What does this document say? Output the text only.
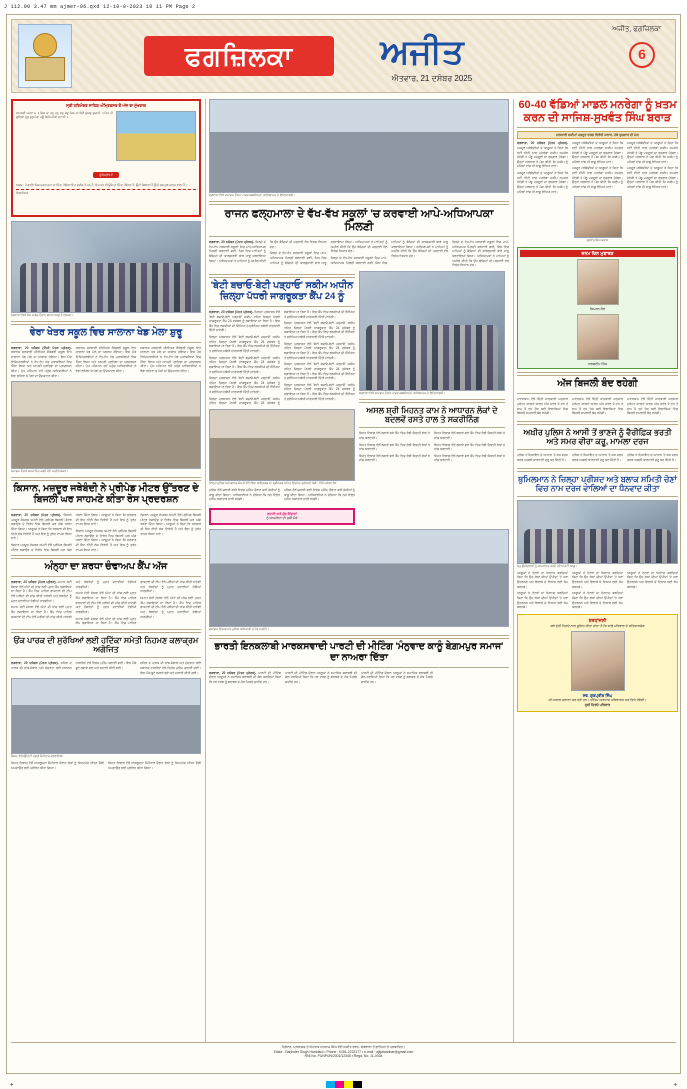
J 112.00 3.47 mm ajmer-06.qxd 12-10-0-2023 10 11 PM Page 2
ਫਗਜ਼ਿਲਕਾ	ਅਜੀਤ
ਐਤਵਾਰ, 21 ਦਸੰਬਰ 2025
ਅਜੀਤ, ਫਗਜ਼ਿਲਕਾ
6
ਸ੍ਰੀ ਹਰਿਮੰਦਰ ਸਾਹਿਬ ਅੰਮ੍ਰਿਤਸਰ ਤੋਂ ਅੱਜ ਦਾ ਮੁੱਖਵਾਕ
ਧਨਾਸਰੀ ਮਹਲਾ ੫ ॥ ਜਿਸ ਕਾ ਤਨੁ ਮਨੁ ਧਨੁ ਸਭੁ ਤਿਸ ਕਾ ਸੋਈ ਸੁਘੜੁ ਸੁਜਾਨੀ ॥ ਤਿਨ ਹੀ ਸੁਣਿਆ ਦੁਖੁ ਸੁਖੁ ਮੇਰਾ ਤਉ ਬਿਧਿ ਨੀਕੀ ਖਟਾਨੀ ॥
ਹੁਕਮਨਾਮਾ
ਅਰਥ : ਹੇ ਭਾਈ! ਜਿਸ ਪਰਮਾਤਮਾ ਦਾ ਦਿੱਤਾ ਹੋਇਆ ਇਹ ਸਰੀਰ ਤੇ ਮਨ ਹੈ, ਇਹ ਧਨ ਭੀ ਉਸੇ ਦਾ ਦਿੱਤਾ ਹੋਇਆ ਹੈ, ਉਹੀ ਸਿਆਣਾ ਹੈ ਉਹੀ ਸਭ ਕੁਝ ਜਾਣਨ ਵਾਲਾ ਹੈ।
ਵਿਆਖਿਆ
ਫਗਵਾੜਾ ਵਿਖੇ ਰੋਸ ਮਾਰਚ ਦੌਰਾਨ ਸ਼ਾਮਲ ਆਗੂ ਤੇ ਵਰਕਰ।
ਵੇਰਾ ਖੇਤਰ ਸਕੂਲ ਵਿਚ ਸਾਲਾਨਾ ਖੇਡ ਮੇਲਾ ਸ਼ੁਰੂ

ਫਗਵਾੜਾ, 20 ਦਸੰਬਰ (ਨਿੱਜੀ ਪੱਤਰ ਪ੍ਰੇਰਕ)- ਸਥਾਨਕ ਸਰਕਾਰੀ ਸੀਨੀਅਰ ਸੈਕੰਡਰੀ ਸਕੂਲ ਵਿਖੇ ਸਾਲਾਨਾ ਖੇਡ ਮੇਲੇ ਦਾ ਆਗਾਜ਼ ਹੋਇਆ। ਇਸ ਮੌਕੇ ਵਿਦਿਆਰਥੀਆਂ ਨੇ ਵੱਖ-ਵੱਖ ਖੇਡ ਮੁਕਾਬਲਿਆਂ ਵਿਚ ਹਿੱਸਾ ਲਿਆ ਅਤੇ ਆਪਣੀ ਪ੍ਰਤਿਭਾ ਦਾ ਪ੍ਰਦਰਸ਼ਨ ਕੀਤਾ। ਮੁੱਖ ਮਹਿਮਾਨ ਵਜੋਂ ਪਹੁੰਚੇ ਅਧਿਕਾਰੀਆਂ ਨੇ ਝੰਡਾ ਲਹਿਰਾ ਕੇ ਖੇਡਾਂ ਦਾ ਉਦਘਾਟਨ ਕੀਤਾ।

ਸਥਾਨਕ ਸਰਕਾਰੀ ਸੀਨੀਅਰ ਸੈਕੰਡਰੀ ਸਕੂਲ ਵਿਖੇ ਸਾਲਾਨਾ ਖੇਡ ਮੇਲੇ ਦਾ ਆਗਾਜ਼ ਹੋਇਆ। ਇਸ ਮੌਕੇ ਵਿਦਿਆਰਥੀਆਂ ਨੇ ਵੱਖ-ਵੱਖ ਖੇਡ ਮੁਕਾਬਲਿਆਂ ਵਿਚ ਹਿੱਸਾ ਲਿਆ ਅਤੇ ਆਪਣੀ ਪ੍ਰਤਿਭਾ ਦਾ ਪ੍ਰਦਰਸ਼ਨ ਕੀਤਾ। ਮੁੱਖ ਮਹਿਮਾਨ ਵਜੋਂ ਪਹੁੰਚੇ ਅਧਿਕਾਰੀਆਂ ਨੇ ਝੰਡਾ ਲਹਿਰਾ ਕੇ ਖੇਡਾਂ ਦਾ ਉਦਘਾਟਨ ਕੀਤਾ।

ਸਥਾਨਕ ਸਰਕਾਰੀ ਸੀਨੀਅਰ ਸੈਕੰਡਰੀ ਸਕੂਲ ਵਿਖੇ ਸਾਲਾਨਾ ਖੇਡ ਮੇਲੇ ਦਾ ਆਗਾਜ਼ ਹੋਇਆ। ਇਸ ਮੌਕੇ ਵਿਦਿਆਰਥੀਆਂ ਨੇ ਵੱਖ-ਵੱਖ ਖੇਡ ਮੁਕਾਬਲਿਆਂ ਵਿਚ ਹਿੱਸਾ ਲਿਆ ਅਤੇ ਆਪਣੀ ਪ੍ਰਤਿਭਾ ਦਾ ਪ੍ਰਦਰਸ਼ਨ ਕੀਤਾ। ਮੁੱਖ ਮਹਿਮਾਨ ਵਜੋਂ ਪਹੁੰਚੇ ਅਧਿਕਾਰੀਆਂ ਨੇ ਝੰਡਾ ਲਹਿਰਾ ਕੇ ਖੇਡਾਂ ਦਾ ਉਦਘਾਟਨ ਕੀਤਾ।

ਸਮਾਗਮ ਦੌਰਾਨ ਸਨਮਾਨਿਤ ਕਰਦੇ ਹੋਏ ਪਤਵੰਤੇ ਸੱਜਣ।
ਕਿਸਾਨ, ਮਜ਼ਦੂਰ ਜਥੇਬੰਦੀ ਨੇ ਪ੍ਰੀਪੇਡ ਮੀਟਰ ਉੱਤਰਣ ਦੇ ਬਿਜਲੀ ਘਰ ਸਾਹਮਣੇ ਕੀਤਾ ਰੋਸ ਪ੍ਰਦਰਸ਼ਨ

ਫਗਵਾੜਾ, 20 ਦਸੰਬਰ (ਪੱਤਰ ਪ੍ਰੇਰਕ)- ਕਿਸਾਨ ਮਜ਼ਦੂਰ ਸੰਘਰਸ਼ ਕਮੇਟੀ ਵੱਲੋਂ ਪ੍ਰੀਪੇਡ ਬਿਜਲੀ ਮੀਟਰ ਲਗਾਉਣ ਦੇ ਵਿਰੋਧ ਵਿਚ ਬਿਜਲੀ ਘਰ ਅੱਗੇ ਧਰਨਾ ਦਿੱਤਾ ਗਿਆ। ਆਗੂਆਂ ਨੇ ਕਿਹਾ ਕਿ ਸਰਕਾਰ ਦੀ ਇਹ ਨੀਤੀ ਲੋਕ ਵਿਰੋਧੀ ਹੈ ਅਤੇ ਇਸ ਨੂੰ ਤੁਰੰਤ ਵਾਪਸ ਲਿਆ ਜਾਵੇ।

ਕਿਸਾਨ ਮਜ਼ਦੂਰ ਸੰਘਰਸ਼ ਕਮੇਟੀ ਵੱਲੋਂ ਪ੍ਰੀਪੇਡ ਬਿਜਲੀ ਮੀਟਰ ਲਗਾਉਣ ਦੇ ਵਿਰੋਧ ਵਿਚ ਬਿਜਲੀ ਘਰ ਅੱਗੇ ਧਰਨਾ ਦਿੱਤਾ ਗਿਆ। ਆਗੂਆਂ ਨੇ ਕਿਹਾ ਕਿ ਸਰਕਾਰ ਦੀ ਇਹ ਨੀਤੀ ਲੋਕ ਵਿਰੋਧੀ ਹੈ ਅਤੇ ਇਸ ਨੂੰ ਤੁਰੰਤ ਵਾਪਸ ਲਿਆ ਜਾਵੇ।

ਕਿਸਾਨ ਮਜ਼ਦੂਰ ਸੰਘਰਸ਼ ਕਮੇਟੀ ਵੱਲੋਂ ਪ੍ਰੀਪੇਡ ਬਿਜਲੀ ਮੀਟਰ ਲਗਾਉਣ ਦੇ ਵਿਰੋਧ ਵਿਚ ਬਿਜਲੀ ਘਰ ਅੱਗੇ ਧਰਨਾ ਦਿੱਤਾ ਗਿਆ। ਆਗੂਆਂ ਨੇ ਕਿਹਾ ਕਿ ਸਰਕਾਰ ਦੀ ਇਹ ਨੀਤੀ ਲੋਕ ਵਿਰੋਧੀ ਹੈ ਅਤੇ ਇਸ ਨੂੰ ਤੁਰੰਤ ਵਾਪਸ ਲਿਆ ਜਾਵੇ।

ਕਿਸਾਨ ਮਜ਼ਦੂਰ ਸੰਘਰਸ਼ ਕਮੇਟੀ ਵੱਲੋਂ ਪ੍ਰੀਪੇਡ ਬਿਜਲੀ ਮੀਟਰ ਲਗਾਉਣ ਦੇ ਵਿਰੋਧ ਵਿਚ ਬਿਜਲੀ ਘਰ ਅੱਗੇ ਧਰਨਾ ਦਿੱਤਾ ਗਿਆ। ਆਗੂਆਂ ਨੇ ਕਿਹਾ ਕਿ ਸਰਕਾਰ ਦੀ ਇਹ ਨੀਤੀ ਲੋਕ ਵਿਰੋਧੀ ਹੈ ਅਤੇ ਇਸ ਨੂੰ ਤੁਰੰਤ ਵਾਪਸ ਲਿਆ ਜਾਵੇ।

ਅੰਨ੍ਹਾ ਦਾ ਸ਼ਰਧਾ ਚੰਢਾਅਪ ਕੈਂਪ ਅੱਜ

ਫਗਵਾੜਾ, 20 ਦਸੰਬਰ (ਪੱਤਰ ਪ੍ਰੇਰਕ)- ਸਮਾਜ ਸੇਵੀ ਸੰਸਥਾ ਵੱਲੋਂ ਅੱਖਾਂ ਦੀ ਜਾਂਚ ਲਈ ਮੁਫ਼ਤ ਕੈਂਪ ਲਗਾਇਆ ਜਾ ਰਿਹਾ ਹੈ। ਕੈਂਪ ਵਿਚ ਮਾਹਿਰ ਡਾਕਟਰਾਂ ਦੀ ਟੀਮ ਵੱਲੋਂ ਮਰੀਜ਼ਾਂ ਦੀ ਜਾਂਚ ਕੀਤੀ ਜਾਵੇਗੀ ਅਤੇ ਲੋੜਵੰਦਾਂ ਨੂੰ ਮੁਫ਼ਤ ਦਵਾਈਆਂ ਵੰਡੀਆਂ ਜਾਣਗੀਆਂ।

ਸਮਾਜ ਸੇਵੀ ਸੰਸਥਾ ਵੱਲੋਂ ਅੱਖਾਂ ਦੀ ਜਾਂਚ ਲਈ ਮੁਫ਼ਤ ਕੈਂਪ ਲਗਾਇਆ ਜਾ ਰਿਹਾ ਹੈ। ਕੈਂਪ ਵਿਚ ਮਾਹਿਰ ਡਾਕਟਰਾਂ ਦੀ ਟੀਮ ਵੱਲੋਂ ਮਰੀਜ਼ਾਂ ਦੀ ਜਾਂਚ ਕੀਤੀ ਜਾਵੇਗੀ ਅਤੇ ਲੋੜਵੰਦਾਂ ਨੂੰ ਮੁਫ਼ਤ ਦਵਾਈਆਂ ਵੰਡੀਆਂ ਜਾਣਗੀਆਂ।

ਸਮਾਜ ਸੇਵੀ ਸੰਸਥਾ ਵੱਲੋਂ ਅੱਖਾਂ ਦੀ ਜਾਂਚ ਲਈ ਮੁਫ਼ਤ ਕੈਂਪ ਲਗਾਇਆ ਜਾ ਰਿਹਾ ਹੈ। ਕੈਂਪ ਵਿਚ ਮਾਹਿਰ ਡਾਕਟਰਾਂ ਦੀ ਟੀਮ ਵੱਲੋਂ ਮਰੀਜ਼ਾਂ ਦੀ ਜਾਂਚ ਕੀਤੀ ਜਾਵੇਗੀ ਅਤੇ ਲੋੜਵੰਦਾਂ ਨੂੰ ਮੁਫ਼ਤ ਦਵਾਈਆਂ ਵੰਡੀਆਂ ਜਾਣਗੀਆਂ।

ਸਮਾਜ ਸੇਵੀ ਸੰਸਥਾ ਵੱਲੋਂ ਅੱਖਾਂ ਦੀ ਜਾਂਚ ਲਈ ਮੁਫ਼ਤ ਕੈਂਪ ਲਗਾਇਆ ਜਾ ਰਿਹਾ ਹੈ। ਕੈਂਪ ਵਿਚ ਮਾਹਿਰ ਡਾਕਟਰਾਂ ਦੀ ਟੀਮ ਵੱਲੋਂ ਮਰੀਜ਼ਾਂ ਦੀ ਜਾਂਚ ਕੀਤੀ ਜਾਵੇਗੀ ਅਤੇ ਲੋੜਵੰਦਾਂ ਨੂੰ ਮੁਫ਼ਤ ਦਵਾਈਆਂ ਵੰਡੀਆਂ ਜਾਣਗੀਆਂ।

ਸਮਾਜ ਸੇਵੀ ਸੰਸਥਾ ਵੱਲੋਂ ਅੱਖਾਂ ਦੀ ਜਾਂਚ ਲਈ ਮੁਫ਼ਤ ਕੈਂਪ ਲਗਾਇਆ ਜਾ ਰਿਹਾ ਹੈ। ਕੈਂਪ ਵਿਚ ਮਾਹਿਰ ਡਾਕਟਰਾਂ ਦੀ ਟੀਮ ਵੱਲੋਂ ਮਰੀਜ਼ਾਂ ਦੀ ਜਾਂਚ ਕੀਤੀ ਜਾਵੇਗੀ ਅਤੇ ਲੋੜਵੰਦਾਂ ਨੂੰ ਮੁਫ਼ਤ ਦਵਾਈਆਂ ਵੰਡੀਆਂ ਜਾਣਗੀਆਂ।

ਓਂਕ ਪਾਰਕ ਦੀ ਸੁਰੱਖਿਆਂ ਲਈ ਹਦਿੱਕਾ ਸਮੇਤੀ ਨਿਹਮਣ ਕਲਾਕ੍ਰਮ ਅਗੋਜਿਤ

ਫਗਵਾੜਾ, 20 ਦਸੰਬਰ (ਪੱਤਰ ਪ੍ਰੇਰਕ)- ਸ਼ਹਿਰ ਦੇ ਪਾਰਕ ਦੀ ਸਾਂਭ-ਸੰਭਾਲ ਅਤੇ ਸੁੰਦਰਤਾ ਲਈ ਸਥਾਨਕ ਵਸਨੀਕਾਂ ਵੱਲੋਂ ਵਿਸ਼ੇਸ਼ ਮੁਹਿੰਮ ਚਲਾਈ ਗਈ। ਇਸ ਮੌਕੇ ਬੂਟੇ ਲਗਾਏ ਗਏ ਅਤੇ ਸਫ਼ਾਈ ਕੀਤੀ ਗਈ।

ਸ਼ਹਿਰ ਦੇ ਪਾਰਕ ਦੀ ਸਾਂਭ-ਸੰਭਾਲ ਅਤੇ ਸੁੰਦਰਤਾ ਲਈ ਸਥਾਨਕ ਵਸਨੀਕਾਂ ਵੱਲੋਂ ਵਿਸ਼ੇਸ਼ ਮੁਹਿੰਮ ਚਲਾਈ ਗਈ। ਇਸ ਮੌਕੇ ਬੂਟੇ ਲਗਾਏ ਗਏ ਅਤੇ ਸਫ਼ਾਈ ਕੀਤੀ ਗਈ।

ਕੈਂਸਰ, ਇਮਿਊਨਿਟੀ ਪ੍ਰਤੀ ਸੈਮੀਨਾਰ ਕਰਵਾਇਆ

ਸਿਹਤ ਵਿਭਾਗ ਵੱਲੋਂ ਜਾਗਰੂਕਤਾ ਸੈਮੀਨਾਰ ਦੌਰਾਨ ਲੋਕਾਂ ਨੂੰ ਸਿਹਤਮੰਦ ਜੀਵਨ ਸ਼ੈਲੀ ਅਪਣਾਉਣ ਲਈ ਪ੍ਰੇਰਿਤ ਕੀਤਾ ਗਿਆ।

ਸਿਹਤ ਵਿਭਾਗ ਵੱਲੋਂ ਜਾਗਰੂਕਤਾ ਸੈਮੀਨਾਰ ਦੌਰਾਨ ਲੋਕਾਂ ਨੂੰ ਸਿਹਤਮੰਦ ਜੀਵਨ ਸ਼ੈਲੀ ਅਪਣਾਉਣ ਲਈ ਪ੍ਰੇਰਿਤ ਕੀਤਾ ਗਿਆ।

ਫਗਵਾੜਾ ਵਿਖੇ ਸਮਾਗਮ ਦੌਰਾਨ ਹਾਜ਼ਰ ਸ਼ਖ਼ਸੀਅਤਾਂ, ਅਧਿਆਪਕ ਤੇ ਵਿਦਿਆਰਥੀ।
ਰਾਜਨ ਫਲ੍ਹਮਾਲਾ ਦੇ ਵੱਖ-ਵੱਖ ਸਕੂਲਾਂ 'ਚ ਕਰਵਾਈ ਆਪੇ-ਅਧਿਆਪਕਾ ਮਿਲਣੀ

ਫਗਵਾੜਾ, 20 ਦਸੰਬਰ (ਪੱਤਰ ਪ੍ਰੇਰਕ)- ਜ਼ਿਲ੍ਹੇ ਦੇ ਵੱਖ-ਵੱਖ ਸਰਕਾਰੀ ਸਕੂਲਾਂ ਵਿਚ ਮਾਪੇ-ਅਧਿਆਪਕ ਮਿਲਣੀ ਕਰਵਾਈ ਗਈ, ਜਿਸ ਵਿਚ ਮਾਪਿਆਂ ਨੂੰ ਬੱਚਿਆਂ ਦੀ ਕਾਰਗੁਜ਼ਾਰੀ ਬਾਰੇ ਜਾਣੂ ਕਰਵਾਇਆ ਗਿਆ। ਅਧਿਆਪਕਾਂ ਨੇ ਮਾਪਿਆਂ ਨੂੰ ਅਪੀਲ ਕੀਤੀ ਕਿ ਉਹ ਬੱਚਿਆਂ ਦੀ ਪੜ੍ਹਾਈ ਵੱਲ ਵਿਸ਼ੇਸ਼ ਧਿਆਨ ਦੇਣ।

ਜ਼ਿਲ੍ਹੇ ਦੇ ਵੱਖ-ਵੱਖ ਸਰਕਾਰੀ ਸਕੂਲਾਂ ਵਿਚ ਮਾਪੇ-ਅਧਿਆਪਕ ਮਿਲਣੀ ਕਰਵਾਈ ਗਈ, ਜਿਸ ਵਿਚ ਮਾਪਿਆਂ ਨੂੰ ਬੱਚਿਆਂ ਦੀ ਕਾਰਗੁਜ਼ਾਰੀ ਬਾਰੇ ਜਾਣੂ ਕਰਵਾਇਆ ਗਿਆ। ਅਧਿਆਪਕਾਂ ਨੇ ਮਾਪਿਆਂ ਨੂੰ ਅਪੀਲ ਕੀਤੀ ਕਿ ਉਹ ਬੱਚਿਆਂ ਦੀ ਪੜ੍ਹਾਈ ਵੱਲ ਵਿਸ਼ੇਸ਼ ਧਿਆਨ ਦੇਣ।

ਜ਼ਿਲ੍ਹੇ ਦੇ ਵੱਖ-ਵੱਖ ਸਰਕਾਰੀ ਸਕੂਲਾਂ ਵਿਚ ਮਾਪੇ-ਅਧਿਆਪਕ ਮਿਲਣੀ ਕਰਵਾਈ ਗਈ, ਜਿਸ ਵਿਚ ਮਾਪਿਆਂ ਨੂੰ ਬੱਚਿਆਂ ਦੀ ਕਾਰਗੁਜ਼ਾਰੀ ਬਾਰੇ ਜਾਣੂ ਕਰਵਾਇਆ ਗਿਆ। ਅਧਿਆਪਕਾਂ ਨੇ ਮਾਪਿਆਂ ਨੂੰ ਅਪੀਲ ਕੀਤੀ ਕਿ ਉਹ ਬੱਚਿਆਂ ਦੀ ਪੜ੍ਹਾਈ ਵੱਲ ਵਿਸ਼ੇਸ਼ ਧਿਆਨ ਦੇਣ।

ਜ਼ਿਲ੍ਹੇ ਦੇ ਵੱਖ-ਵੱਖ ਸਰਕਾਰੀ ਸਕੂਲਾਂ ਵਿਚ ਮਾਪੇ-ਅਧਿਆਪਕ ਮਿਲਣੀ ਕਰਵਾਈ ਗਈ, ਜਿਸ ਵਿਚ ਮਾਪਿਆਂ ਨੂੰ ਬੱਚਿਆਂ ਦੀ ਕਾਰਗੁਜ਼ਾਰੀ ਬਾਰੇ ਜਾਣੂ ਕਰਵਾਇਆ ਗਿਆ। ਅਧਿਆਪਕਾਂ ਨੇ ਮਾਪਿਆਂ ਨੂੰ ਅਪੀਲ ਕੀਤੀ ਕਿ ਉਹ ਬੱਚਿਆਂ ਦੀ ਪੜ੍ਹਾਈ ਵੱਲ ਵਿਸ਼ੇਸ਼ ਧਿਆਨ ਦੇਣ।

'ਬੇਟੀ ਬਚਾਓ-ਬੇਟੀ ਪੜ੍ਹਾਓ' ਸਕੀਮ ਅਧੀਨ ਜ਼ਿਲ੍ਹਾ ਪੱਧਰੀ ਜਾਗਰੂਕਤਾ ਕੈਂਪ 24 ਨੂੰ

ਫਗਵਾੜਾ, 20 ਦਸੰਬਰ (ਪੱਤਰ ਪ੍ਰੇਰਕ)- ਜ਼ਿਲ੍ਹਾ ਪ੍ਰਸ਼ਾਸਨ ਵੱਲੋਂ 'ਬੇਟੀ ਬਚਾਓ-ਬੇਟੀ ਪੜ੍ਹਾਓ' ਸਕੀਮ ਤਹਿਤ ਜ਼ਿਲ੍ਹਾ ਪੱਧਰੀ ਜਾਗਰੂਕਤਾ ਕੈਂਪ 24 ਦਸੰਬਰ ਨੂੰ ਲਗਾਇਆ ਜਾ ਰਿਹਾ ਹੈ। ਇਸ ਕੈਂਪ ਵਿਚ ਲੜਕੀਆਂ ਦੀ ਸਿੱਖਿਆ ਤੇ ਸੁਰੱਖਿਆ ਸਬੰਧੀ ਜਾਣਕਾਰੀ ਦਿੱਤੀ ਜਾਵੇਗੀ।

ਜ਼ਿਲ੍ਹਾ ਪ੍ਰਸ਼ਾਸਨ ਵੱਲੋਂ 'ਬੇਟੀ ਬਚਾਓ-ਬੇਟੀ ਪੜ੍ਹਾਓ' ਸਕੀਮ ਤਹਿਤ ਜ਼ਿਲ੍ਹਾ ਪੱਧਰੀ ਜਾਗਰੂਕਤਾ ਕੈਂਪ 24 ਦਸੰਬਰ ਨੂੰ ਲਗਾਇਆ ਜਾ ਰਿਹਾ ਹੈ। ਇਸ ਕੈਂਪ ਵਿਚ ਲੜਕੀਆਂ ਦੀ ਸਿੱਖਿਆ ਤੇ ਸੁਰੱਖਿਆ ਸਬੰਧੀ ਜਾਣਕਾਰੀ ਦਿੱਤੀ ਜਾਵੇਗੀ।

ਜ਼ਿਲ੍ਹਾ ਪ੍ਰਸ਼ਾਸਨ ਵੱਲੋਂ 'ਬੇਟੀ ਬਚਾਓ-ਬੇਟੀ ਪੜ੍ਹਾਓ' ਸਕੀਮ ਤਹਿਤ ਜ਼ਿਲ੍ਹਾ ਪੱਧਰੀ ਜਾਗਰੂਕਤਾ ਕੈਂਪ 24 ਦਸੰਬਰ ਨੂੰ ਲਗਾਇਆ ਜਾ ਰਿਹਾ ਹੈ। ਇਸ ਕੈਂਪ ਵਿਚ ਲੜਕੀਆਂ ਦੀ ਸਿੱਖਿਆ ਤੇ ਸੁਰੱਖਿਆ ਸਬੰਧੀ ਜਾਣਕਾਰੀ ਦਿੱਤੀ ਜਾਵੇਗੀ।

ਜ਼ਿਲ੍ਹਾ ਪ੍ਰਸ਼ਾਸਨ ਵੱਲੋਂ 'ਬੇਟੀ ਬਚਾਓ-ਬੇਟੀ ਪੜ੍ਹਾਓ' ਸਕੀਮ ਤਹਿਤ ਜ਼ਿਲ੍ਹਾ ਪੱਧਰੀ ਜਾਗਰੂਕਤਾ ਕੈਂਪ 24 ਦਸੰਬਰ ਨੂੰ ਲਗਾਇਆ ਜਾ ਰਿਹਾ ਹੈ। ਇਸ ਕੈਂਪ ਵਿਚ ਲੜਕੀਆਂ ਦੀ ਸਿੱਖਿਆ ਤੇ ਸੁਰੱਖਿਆ ਸਬੰਧੀ ਜਾਣਕਾਰੀ ਦਿੱਤੀ ਜਾਵੇਗੀ।

ਜ਼ਿਲ੍ਹਾ ਪ੍ਰਸ਼ਾਸਨ ਵੱਲੋਂ 'ਬੇਟੀ ਬਚਾਓ-ਬੇਟੀ ਪੜ੍ਹਾਓ' ਸਕੀਮ ਤਹਿਤ ਜ਼ਿਲ੍ਹਾ ਪੱਧਰੀ ਜਾਗਰੂਕਤਾ ਕੈਂਪ 24 ਦਸੰਬਰ ਨੂੰ ਲਗਾਇਆ ਜਾ ਰਿਹਾ ਹੈ। ਇਸ ਕੈਂਪ ਵਿਚ ਲੜਕੀਆਂ ਦੀ ਸਿੱਖਿਆ ਤੇ ਸੁਰੱਖਿਆ ਸਬੰਧੀ ਜਾਣਕਾਰੀ ਦਿੱਤੀ ਜਾਵੇਗੀ।

ਜ਼ਿਲ੍ਹਾ ਪ੍ਰਸ਼ਾਸਨ ਵੱਲੋਂ 'ਬੇਟੀ ਬਚਾਓ-ਬੇਟੀ ਪੜ੍ਹਾਓ' ਸਕੀਮ ਤਹਿਤ ਜ਼ਿਲ੍ਹਾ ਪੱਧਰੀ ਜਾਗਰੂਕਤਾ ਕੈਂਪ 24 ਦਸੰਬਰ ਨੂੰ ਲਗਾਇਆ ਜਾ ਰਿਹਾ ਹੈ। ਇਸ ਕੈਂਪ ਵਿਚ ਲੜਕੀਆਂ ਦੀ ਸਿੱਖਿਆ ਤੇ ਸੁਰੱਖਿਆ ਸਬੰਧੀ ਜਾਣਕਾਰੀ ਦਿੱਤੀ ਜਾਵੇਗੀ।

ਜ਼ਿਲ੍ਹਾ ਪ੍ਰਸ਼ਾਸਨ ਵੱਲੋਂ 'ਬੇਟੀ ਬਚਾਓ-ਬੇਟੀ ਪੜ੍ਹਾਓ' ਸਕੀਮ ਤਹਿਤ ਜ਼ਿਲ੍ਹਾ ਪੱਧਰੀ ਜਾਗਰੂਕਤਾ ਕੈਂਪ 24 ਦਸੰਬਰ ਨੂੰ ਲਗਾਇਆ ਜਾ ਰਿਹਾ ਹੈ। ਇਸ ਕੈਂਪ ਵਿਚ ਲੜਕੀਆਂ ਦੀ ਸਿੱਖਿਆ ਤੇ ਸੁਰੱਖਿਆ ਸਬੰਧੀ ਜਾਣਕਾਰੀ ਦਿੱਤੀ ਜਾਵੇਗੀ।

ਜ਼ਿਲ੍ਹਾ ਪ੍ਰਸ਼ਾਸਨ ਵੱਲੋਂ 'ਬੇਟੀ ਬਚਾਓ-ਬੇਟੀ ਪੜ੍ਹਾਓ' ਸਕੀਮ ਤਹਿਤ ਜ਼ਿਲ੍ਹਾ ਪੱਧਰੀ ਜਾਗਰੂਕਤਾ ਕੈਂਪ 24 ਦਸੰਬਰ ਨੂੰ ਲਗਾਇਆ ਜਾ ਰਿਹਾ ਹੈ। ਇਸ ਕੈਂਪ ਵਿਚ ਲੜਕੀਆਂ ਦੀ ਸਿੱਖਿਆ ਤੇ ਸੁਰੱਖਿਆ ਸਬੰਧੀ ਜਾਣਕਾਰੀ ਦਿੱਤੀ ਜਾਵੇਗੀ।

ਜ਼ਿਲ੍ਹਾ ਪ੍ਰਸ਼ਾਸਨ ਵੱਲੋਂ 'ਬੇਟੀ ਬਚਾਓ-ਬੇਟੀ ਪੜ੍ਹਾਓ' ਸਕੀਮ ਤਹਿਤ ਜ਼ਿਲ੍ਹਾ ਪੱਧਰੀ ਜਾਗਰੂਕਤਾ ਕੈਂਪ 24 ਦਸੰਬਰ ਨੂੰ ਲਗਾਇਆ ਜਾ ਰਿਹਾ ਹੈ। ਇਸ ਕੈਂਪ ਵਿਚ ਲੜਕੀਆਂ ਦੀ ਸਿੱਖਿਆ ਤੇ ਸੁਰੱਖਿਆ ਸਬੰਧੀ ਜਾਣਕਾਰੀ ਦਿੱਤੀ ਜਾਵੇਗੀ।

ਵਿਲ੍ਹਾ ਪੁਲਿਸ ਅਤੇ ਬਲਾਕ ਸੰਮਤੀ ਵੱਲੋਂ ਵਿਸ਼ਾ ਬਾਇਗਰਜ਼ ਦਾ ਸ੍ਰੀਨਗਰ ਸਹਿਤ ਵਿਦਮੱਦ ਤ੍ਰੀਮਣੀ ਪੇਸ਼ੀ : ਵੱਧੀ ਕਲਿਕ ਲੱਖ

ਪੁਲਿਸ ਵੱਲੋਂ ਚਲਾਈ ਗਈ ਵਿਸ਼ੇਸ਼ ਮੁਹਿੰਮ ਦੌਰਾਨ ਕਈ ਦੋਸ਼ੀਆਂ ਨੂੰ ਕਾਬੂ ਕੀਤਾ ਗਿਆ। ਅਧਿਕਾਰੀਆਂ ਨੇ ਦੱਸਿਆ ਕਿ ਨਸ਼ੇ ਵਿਰੁੱਧ ਮੁਹਿੰਮ ਲਗਾਤਾਰ ਜਾਰੀ ਰਹੇਗੀ।

ਪੁਲਿਸ ਵੱਲੋਂ ਚਲਾਈ ਗਈ ਵਿਸ਼ੇਸ਼ ਮੁਹਿੰਮ ਦੌਰਾਨ ਕਈ ਦੋਸ਼ੀਆਂ ਨੂੰ ਕਾਬੂ ਕੀਤਾ ਗਿਆ। ਅਧਿਕਾਰੀਆਂ ਨੇ ਦੱਸਿਆ ਕਿ ਨਸ਼ੇ ਵਿਰੁੱਧ ਮੁਹਿੰਮ ਲਗਾਤਾਰ ਜਾਰੀ ਰਹੇਗੀ।

ਵਧਾਈ ਅਤੇ ਸ਼ੁੱਭ ਇੱਛਾਵਾਂ
ਨੂੰ ਜਨਮਦਿਨ ਦੀ ਖ਼ੁਸ਼ੀ ਮੌਕੇ
ਫਗਵਾੜਾ ਵਿਖੇ ਸਮਾਗਮ ਦੌਰਾਨ ਹਾਜ਼ਰ ਸ਼ਖ਼ਸੀਅਤਾਂ, ਅਧਿਆਪਕ ਤੇ ਵਿਦਿਆਰਥੀ।
ਅਸਲ ਸ਼੍ਰੀ ਮਿਹਨਤ ਕਾਮ ਨੇ ਆਧਾਰਨ ਲੋਕਾਂ ਦੇ ਬਦਲਵੇਂ ਰਸਤੇ ਹਾਲ ਤੇ ਸਕਰੀਨਿੰਗ

ਸਿਹਤ ਵਿਭਾਗ ਵੱਲੋਂ ਲਗਾਏ ਗਏ ਕੈਂਪ ਵਿਚ ਵੱਡੀ ਗਿਣਤੀ ਲੋਕਾਂ ਨੇ ਜਾਂਚ ਕਰਵਾਈ।

ਸਿਹਤ ਵਿਭਾਗ ਵੱਲੋਂ ਲਗਾਏ ਗਏ ਕੈਂਪ ਵਿਚ ਵੱਡੀ ਗਿਣਤੀ ਲੋਕਾਂ ਨੇ ਜਾਂਚ ਕਰਵਾਈ।

ਸਿਹਤ ਵਿਭਾਗ ਵੱਲੋਂ ਲਗਾਏ ਗਏ ਕੈਂਪ ਵਿਚ ਵੱਡੀ ਗਿਣਤੀ ਲੋਕਾਂ ਨੇ ਜਾਂਚ ਕਰਵਾਈ।

ਸਿਹਤ ਵਿਭਾਗ ਵੱਲੋਂ ਲਗਾਏ ਗਏ ਕੈਂਪ ਵਿਚ ਵੱਡੀ ਗਿਣਤੀ ਲੋਕਾਂ ਨੇ ਜਾਂਚ ਕਰਵਾਈ।

ਸਿਹਤ ਵਿਭਾਗ ਵੱਲੋਂ ਲਗਾਏ ਗਏ ਕੈਂਪ ਵਿਚ ਵੱਡੀ ਗਿਣਤੀ ਲੋਕਾਂ ਨੇ ਜਾਂਚ ਕਰਵਾਈ।

ਸਿਹਤ ਵਿਭਾਗ ਵੱਲੋਂ ਲਗਾਏ ਗਏ ਕੈਂਪ ਵਿਚ ਵੱਡੀ ਗਿਣਤੀ ਲੋਕਾਂ ਨੇ ਜਾਂਚ ਕਰਵਾਈ।

ਸਮਾਗਮ ਵਿਚ ਸ਼ਾਮਲ ਪੁਲਿਸ ਅਧਿਕਾਰੀ ਤੇ ਹੋਰ ਪਤਵੰਤੇ।
ਭਾਰਤੀ ਇਨਕਲਾਬੀ ਮਾਰਕਸਵਾਦੀ ਪਾਰਟੀ ਦੀ ਮੀਟਿੰਗ 'ਮੰਨੁਵਾਦ ਕਾਨੂੰ ਬੇਗ਼ਮਪੁਰ ਸਮਾਜ' ਦਾ ਨਾਅਰਾ ਦਿੱਤਾ

ਫਗਵਾੜਾ, 20 ਦਸੰਬਰ (ਪੱਤਰ ਪ੍ਰੇਰਕ)- ਪਾਰਟੀ ਦੀ ਮੀਟਿੰਗ ਦੌਰਾਨ ਆਗੂਆਂ ਨੇ ਸਮਾਜਿਕ ਬਰਾਬਰੀ ਦੀ ਗੱਲ ਕਰਦਿਆਂ ਕਿਹਾ ਕਿ ਹਰ ਵਰਗ ਨੂੰ ਬਰਾਬਰ ਦੇ ਹੱਕ ਮਿਲਣੇ ਚਾਹੀਦੇ ਹਨ।

ਪਾਰਟੀ ਦੀ ਮੀਟਿੰਗ ਦੌਰਾਨ ਆਗੂਆਂ ਨੇ ਸਮਾਜਿਕ ਬਰਾਬਰੀ ਦੀ ਗੱਲ ਕਰਦਿਆਂ ਕਿਹਾ ਕਿ ਹਰ ਵਰਗ ਨੂੰ ਬਰਾਬਰ ਦੇ ਹੱਕ ਮਿਲਣੇ ਚਾਹੀਦੇ ਹਨ।

ਪਾਰਟੀ ਦੀ ਮੀਟਿੰਗ ਦੌਰਾਨ ਆਗੂਆਂ ਨੇ ਸਮਾਜਿਕ ਬਰਾਬਰੀ ਦੀ ਗੱਲ ਕਰਦਿਆਂ ਕਿਹਾ ਕਿ ਹਰ ਵਰਗ ਨੂੰ ਬਰਾਬਰ ਦੇ ਹੱਕ ਮਿਲਣੇ ਚਾਹੀਦੇ ਹਨ।

60-40 ਵੱਡਿਆਂ ਮਾਡਲ ਮਨਰੇਗਾ ਨੂੰ ਖ਼ਤਮ ਕਰਨ ਦੀ ਸਾਜਿਸ਼-ਸੁਖਵੰਤ ਸਿੰਘ ਬਰਾੜ
ਸਰਕਾਰੀ ਸਕੀਮਾਂ ਮਜ਼ਦੂਰ ਵਰਗ ਵਿਰੋਧੀ ਕਰਾਰ, ਪੱਕੇ ਰੁਜ਼ਗਾਰ ਦੀ ਮੰਗ

ਫਗਵਾੜਾ, 20 ਦਸੰਬਰ (ਪੱਤਰ ਪ੍ਰੇਰਕ)- ਮਜ਼ਦੂਰ ਜਥੇਬੰਦੀਆਂ ਦੇ ਆਗੂਆਂ ਨੇ ਕਿਹਾ ਕਿ ਨਵੀਂ ਨੀਤੀ ਨਾਲ ਮਨਰੇਗਾ ਸਕੀਮ ਕਮਜ਼ੋਰ ਹੋਵੇਗੀ ਤੇ ਪੇਂਡੂ ਮਜ਼ਦੂਰਾਂ ਦਾ ਰੁਜ਼ਗਾਰ ਖੁੱਸੇਗਾ। ਉਨ੍ਹਾਂ ਸਰਕਾਰ ਤੋਂ ਮੰਗ ਕੀਤੀ ਕਿ ਸਕੀਮ ਨੂੰ ਪਹਿਲਾਂ ਵਾਂਗ ਹੀ ਲਾਗੂ ਰੱਖਿਆ ਜਾਵੇ।

ਮਜ਼ਦੂਰ ਜਥੇਬੰਦੀਆਂ ਦੇ ਆਗੂਆਂ ਨੇ ਕਿਹਾ ਕਿ ਨਵੀਂ ਨੀਤੀ ਨਾਲ ਮਨਰੇਗਾ ਸਕੀਮ ਕਮਜ਼ੋਰ ਹੋਵੇਗੀ ਤੇ ਪੇਂਡੂ ਮਜ਼ਦੂਰਾਂ ਦਾ ਰੁਜ਼ਗਾਰ ਖੁੱਸੇਗਾ। ਉਨ੍ਹਾਂ ਸਰਕਾਰ ਤੋਂ ਮੰਗ ਕੀਤੀ ਕਿ ਸਕੀਮ ਨੂੰ ਪਹਿਲਾਂ ਵਾਂਗ ਹੀ ਲਾਗੂ ਰੱਖਿਆ ਜਾਵੇ।

ਮਜ਼ਦੂਰ ਜਥੇਬੰਦੀਆਂ ਦੇ ਆਗੂਆਂ ਨੇ ਕਿਹਾ ਕਿ ਨਵੀਂ ਨੀਤੀ ਨਾਲ ਮਨਰੇਗਾ ਸਕੀਮ ਕਮਜ਼ੋਰ ਹੋਵੇਗੀ ਤੇ ਪੇਂਡੂ ਮਜ਼ਦੂਰਾਂ ਦਾ ਰੁਜ਼ਗਾਰ ਖੁੱਸੇਗਾ। ਉਨ੍ਹਾਂ ਸਰਕਾਰ ਤੋਂ ਮੰਗ ਕੀਤੀ ਕਿ ਸਕੀਮ ਨੂੰ ਪਹਿਲਾਂ ਵਾਂਗ ਹੀ ਲਾਗੂ ਰੱਖਿਆ ਜਾਵੇ।

ਮਜ਼ਦੂਰ ਜਥੇਬੰਦੀਆਂ ਦੇ ਆਗੂਆਂ ਨੇ ਕਿਹਾ ਕਿ ਨਵੀਂ ਨੀਤੀ ਨਾਲ ਮਨਰੇਗਾ ਸਕੀਮ ਕਮਜ਼ੋਰ ਹੋਵੇਗੀ ਤੇ ਪੇਂਡੂ ਮਜ਼ਦੂਰਾਂ ਦਾ ਰੁਜ਼ਗਾਰ ਖੁੱਸੇਗਾ। ਉਨ੍ਹਾਂ ਸਰਕਾਰ ਤੋਂ ਮੰਗ ਕੀਤੀ ਕਿ ਸਕੀਮ ਨੂੰ ਪਹਿਲਾਂ ਵਾਂਗ ਹੀ ਲਾਗੂ ਰੱਖਿਆ ਜਾਵੇ।

ਮਜ਼ਦੂਰ ਜਥੇਬੰਦੀਆਂ ਦੇ ਆਗੂਆਂ ਨੇ ਕਿਹਾ ਕਿ ਨਵੀਂ ਨੀਤੀ ਨਾਲ ਮਨਰੇਗਾ ਸਕੀਮ ਕਮਜ਼ੋਰ ਹੋਵੇਗੀ ਤੇ ਪੇਂਡੂ ਮਜ਼ਦੂਰਾਂ ਦਾ ਰੁਜ਼ਗਾਰ ਖੁੱਸੇਗਾ। ਉਨ੍ਹਾਂ ਸਰਕਾਰ ਤੋਂ ਮੰਗ ਕੀਤੀ ਕਿ ਸਕੀਮ ਨੂੰ ਪਹਿਲਾਂ ਵਾਂਗ ਹੀ ਲਾਗੂ ਰੱਖਿਆ ਜਾਵੇ।

ਮਜ਼ਦੂਰ ਜਥੇਬੰਦੀਆਂ ਦੇ ਆਗੂਆਂ ਨੇ ਕਿਹਾ ਕਿ ਨਵੀਂ ਨੀਤੀ ਨਾਲ ਮਨਰੇਗਾ ਸਕੀਮ ਕਮਜ਼ੋਰ ਹੋਵੇਗੀ ਤੇ ਪੇਂਡੂ ਮਜ਼ਦੂਰਾਂ ਦਾ ਰੁਜ਼ਗਾਰ ਖੁੱਸੇਗਾ। ਉਨ੍ਹਾਂ ਸਰਕਾਰ ਤੋਂ ਮੰਗ ਕੀਤੀ ਕਿ ਸਕੀਮ ਨੂੰ ਪਹਿਲਾਂ ਵਾਂਗ ਹੀ ਲਾਗੂ ਰੱਖਿਆ ਜਾਵੇ।

ਸੁਖਵੰਤ ਸਿੰਘ ਬਰਾੜ
ਜਨਮ ਦਿਨ ਮੁਬਾਰਕ
ਸਿਮਰਨ ਕੌਰ
ਅਰਸ਼ਦੀਪ ਸਿੰਘ
ਅੱਜ ਬਿਜਲੀ ਬੰਦ ਰਹੇਗੀ

ਪਾਵਰਕਾਮ ਵੱਲੋਂ ਦਿੱਤੀ ਜਾਣਕਾਰੀ ਅਨੁਸਾਰ ਮੁਰੰਮਤ ਕਾਰਜਾਂ ਕਾਰਨ ਅੱਜ ਸਵੇਰੇ 9 ਵਜੇ ਤੋਂ ਸ਼ਾਮ 5 ਵਜੇ ਤੱਕ ਕਈ ਇਲਾਕਿਆਂ ਵਿਚ ਬਿਜਲੀ ਸਪਲਾਈ ਬੰਦ ਰਹੇਗੀ।

ਪਾਵਰਕਾਮ ਵੱਲੋਂ ਦਿੱਤੀ ਜਾਣਕਾਰੀ ਅਨੁਸਾਰ ਮੁਰੰਮਤ ਕਾਰਜਾਂ ਕਾਰਨ ਅੱਜ ਸਵੇਰੇ 9 ਵਜੇ ਤੋਂ ਸ਼ਾਮ 5 ਵਜੇ ਤੱਕ ਕਈ ਇਲਾਕਿਆਂ ਵਿਚ ਬਿਜਲੀ ਸਪਲਾਈ ਬੰਦ ਰਹੇਗੀ।

ਪਾਵਰਕਾਮ ਵੱਲੋਂ ਦਿੱਤੀ ਜਾਣਕਾਰੀ ਅਨੁਸਾਰ ਮੁਰੰਮਤ ਕਾਰਜਾਂ ਕਾਰਨ ਅੱਜ ਸਵੇਰੇ 9 ਵਜੇ ਤੋਂ ਸ਼ਾਮ 5 ਵਜੇ ਤੱਕ ਕਈ ਇਲਾਕਿਆਂ ਵਿਚ ਬਿਜਲੀ ਸਪਲਾਈ ਬੰਦ ਰਹੇਗੀ।

ਅਖ਼ੀਰ ਪੁਲਿਸ ਨੇ ਆਸੀ ਤੋਂ ਭਾਣਜੇ ਨੂੰ ਵੈਰੀਫ਼ਿਕ ਭਰਤੀ ਅਤੇ ਸਮਰ ਵੀਰਾ ਕਰੂ, ਮਾਮਲਾ ਦਰਜ

ਪੁਲਿਸ ਨੇ ਸ਼ਿਕਾਇਤ ਦੇ ਆਧਾਰ 'ਤੇ ਕੇਸ ਦਰਜ ਕਰਕੇ ਅਗਲੀ ਕਾਰਵਾਈ ਸ਼ੁਰੂ ਕਰ ਦਿੱਤੀ ਹੈ।

ਪੁਲਿਸ ਨੇ ਸ਼ਿਕਾਇਤ ਦੇ ਆਧਾਰ 'ਤੇ ਕੇਸ ਦਰਜ ਕਰਕੇ ਅਗਲੀ ਕਾਰਵਾਈ ਸ਼ੁਰੂ ਕਰ ਦਿੱਤੀ ਹੈ।

ਪੁਲਿਸ ਨੇ ਸ਼ਿਕਾਇਤ ਦੇ ਆਧਾਰ 'ਤੇ ਕੇਸ ਦਰਜ ਕਰਕੇ ਅਗਲੀ ਕਾਰਵਾਈ ਸ਼ੁਰੂ ਕਰ ਦਿੱਤੀ ਹੈ।

ਥੁਮਿਲਮਾਨ ਨੇ ਜ਼ਿਲ੍ਹਾ ਪ੍ਰੀਸ਼ਦ ਅਤੇ ਬਲਾਕ ਸਮਿਤੀ ਚੋਣਾਂ ਵਿਚ ਨਾਮ ਦਰਜ ਵਾਲਿਆਂ ਦਾ ਧੰਨਵਾਦ ਕੀਤਾ
ਜੇਤੂ ਉਮੀਦਵਾਰਾਂ ਨੂੰ ਸਨਮਾਨਿਤ ਕਰਦੇ ਹੋਏ ਪਾਰਟੀ ਆਗੂ।

ਆਗੂਆਂ ਨੇ ਵੋਟਰਾਂ ਦਾ ਧੰਨਵਾਦ ਕਰਦਿਆਂ ਕਿਹਾ ਕਿ ਉਹ ਲੋਕਾਂ ਦੀਆਂ ਉਮੀਦਾਂ 'ਤੇ ਖਰਾ ਉਤਰਨਗੇ ਅਤੇ ਇਲਾਕੇ ਦੇ ਵਿਕਾਸ ਲਈ ਕੰਮ ਕਰਨਗੇ।

ਆਗੂਆਂ ਨੇ ਵੋਟਰਾਂ ਦਾ ਧੰਨਵਾਦ ਕਰਦਿਆਂ ਕਿਹਾ ਕਿ ਉਹ ਲੋਕਾਂ ਦੀਆਂ ਉਮੀਦਾਂ 'ਤੇ ਖਰਾ ਉਤਰਨਗੇ ਅਤੇ ਇਲਾਕੇ ਦੇ ਵਿਕਾਸ ਲਈ ਕੰਮ ਕਰਨਗੇ।

ਆਗੂਆਂ ਨੇ ਵੋਟਰਾਂ ਦਾ ਧੰਨਵਾਦ ਕਰਦਿਆਂ ਕਿਹਾ ਕਿ ਉਹ ਲੋਕਾਂ ਦੀਆਂ ਉਮੀਦਾਂ 'ਤੇ ਖਰਾ ਉਤਰਨਗੇ ਅਤੇ ਇਲਾਕੇ ਦੇ ਵਿਕਾਸ ਲਈ ਕੰਮ ਕਰਨਗੇ।

ਆਗੂਆਂ ਨੇ ਵੋਟਰਾਂ ਦਾ ਧੰਨਵਾਦ ਕਰਦਿਆਂ ਕਿਹਾ ਕਿ ਉਹ ਲੋਕਾਂ ਦੀਆਂ ਉਮੀਦਾਂ 'ਤੇ ਖਰਾ ਉਤਰਨਗੇ ਅਤੇ ਇਲਾਕੇ ਦੇ ਵਿਕਾਸ ਲਈ ਕੰਮ ਕਰਨਗੇ।

ਆਗੂਆਂ ਨੇ ਵੋਟਰਾਂ ਦਾ ਧੰਨਵਾਦ ਕਰਦਿਆਂ ਕਿਹਾ ਕਿ ਉਹ ਲੋਕਾਂ ਦੀਆਂ ਉਮੀਦਾਂ 'ਤੇ ਖਰਾ ਉਤਰਨਗੇ ਅਤੇ ਇਲਾਕੇ ਦੇ ਵਿਕਾਸ ਲਈ ਕੰਮ ਕਰਨਗੇ।

ਸ਼ਰਧਾਂਜਲੀ
ਬੜੇ ਦੁੱਖੀ ਹਿਰਦੇ ਨਾਲ ਸੂਚਿਤ ਕੀਤਾ ਜਾਂਦਾ ਹੈ ਕਿ ਸਾਡੇ ਪਰਿਵਾਰ ਦੇ ਸਤਿਕਾਰਯੋਗ
ਸਵ. ਗੁਰਪ੍ਰੀਤ ਸਿੰਘ
ਜੀ ਅਕਾਲ ਚਲਾਣਾ ਕਰ ਗਏ ਹਨ। ਅੰਤਿਮ ਅਰਦਾਸ ਪਰਿਵਾਰਕ ਘਰ ਵਿਖੇ ਹੋਵੇਗੀ।
ਦੁਖੀ ਹਿਰਦੇ ਪਰਿਵਾਰ
ਪ੍ਰਿੰਟਰ, ਪ੍ਰਕਾਸ਼ਕ ਤੇ ਸੰਪਾਦਕ ਸਤਨਾਮ ਸਿੰਘ ਵੱਲੋਂ ਅਜੀਤ ਭਵਨ, ਫਗਵਾੜਾ ਤੋਂ ਛਾਪਿਆ ਤੇ ਪ੍ਰਕਾਸ਼ਿਤ।
Editor : Barjinder Singh Hamdard • Phone : 0181-2222177 • e-mail : ajitjalandhar@gmail.com
RNI No. PUNPUN/2001/12345 • Regd. No. JL-0034
✛	✛
